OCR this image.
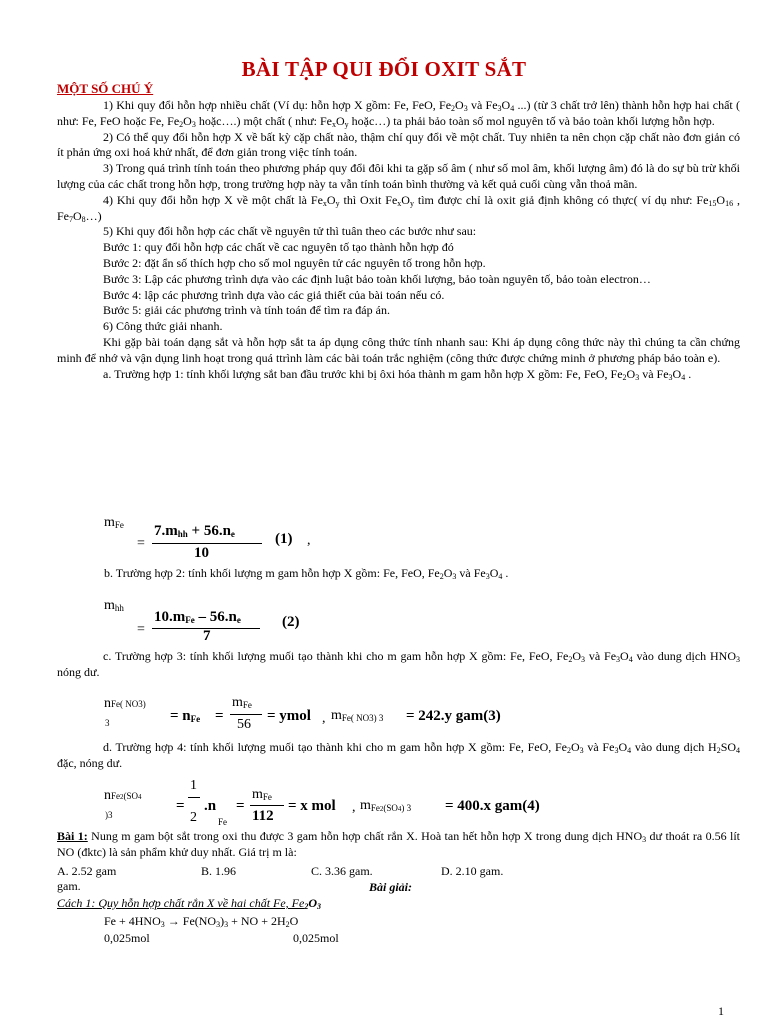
BÀI TẬP QUI ĐỔI OXIT SẮT
MỘT SỐ CHÚ Ý

1) Khi quy đổi hỗn hợp nhiều chất (Ví dụ: hỗn hợp X gồm: Fe, FeO, $Fe_2O_3$ và $Fe_3O_4$ ...) (từ 3 chất trở lên) thành hỗn hợp hai chất ( như: Fe, FeO hoặc Fe, $Fe_2O_3$ hoặc….) một chất ( như: $Fe_xO_y$ hoặc…) ta phải bảo toàn số mol nguyên tố và bảo toàn khối lượng hỗn hợp.

2) Có thể quy đổi hỗn hợp X về bất kỳ cặp chất nào, thậm chí quy đổi về một chất. Tuy nhiên ta nên chọn cặp chất nào đơn giản có ít phản ứng oxi hoá khử nhất, để đơn giản trong việc tính toán.

3) Trong quá trình tính toán theo phương pháp quy đổi đôi khi ta gặp số âm ( như số mol âm, khối lượng âm) đó là do sự bù trừ khối lượng của các chất trong hỗn hợp, trong trường hợp này ta vẫn tính toán bình thường và kết quả cuối cùng vẫn thoả mãn.

4) Khi quy đổi hỗn hợp X về một chất là $Fe_xO_y$ thì Oxit $Fe_xO_y$ tìm được chỉ là oxit giả định không có thực( ví dụ như: $Fe_{15}O_{16}$ , $Fe_7O_8\dots$)

5) Khi quy đổi hỗn hợp các chất về nguyên tử thì tuân theo các bước như sau:

Bước 1: quy đổi hỗn hợp các chất về cac nguyên tố tạo thành hỗn hợp đó

Bước 2: đặt ẩn số thích hợp cho số mol nguyên tử các nguyên tố trong hỗn hợp.

Bước 3: Lập các phương trình dựa vào các định luật bảo toàn khối lượng, bảo toàn nguyên tố, bảo toàn electron…

Bước 4: lập các phương trình dựa vào các giả thiết của bài toán nếu có.

Bước 5: giải các phương trình và tính toán để tìm ra đáp án.

6) Công thức giải nhanh.

Khi gặp bài toán dạng sắt và hỗn hợp sắt ta áp dụng công thức tính nhanh sau: Khi áp dụng công thức này thì chúng ta cần chứng minh để nhớ và vận dụng linh hoạt trong quá ttrình làm các bài toán trắc nghiệm (công thức được chứng minh ở phương pháp bảo toàn e).

a. Trường hợp 1: tính khối lượng sắt ban đầu trước khi bị ôxi hóa thành m gam hỗn hợp X gồm: Fe, FeO, $Fe_2O_3$ và $Fe_3O_4$ .

$m_{Fe}$
=
$7.m_{hh} + 56.n_e$
10
(1) ,
b. Trường hợp 2: tính khối lượng m gam hỗn hợp X gồm: Fe, FeO, $Fe_2O_3$ và $Fe_3O_4$ .
$m_{hh}$
=
$10.m_{Fe} - 56.n_e$
7
(2)

c. Trường hợp 3: tính khối lượng muối tạo thành khi cho m gam hỗn hợp X gồm: Fe, FeO, $Fe_2O_3$ và $Fe_3O_4$ vào dung dịch $HNO_3$ nóng dư.

nFe( NO3)
3	= $n_{Fe}$ =
$m_{Fe}$
56
= ymol , $m_{Fe( NO3) 3} = 242.y$ gam(3)

d. Trường hợp 4: tính khối lượng muối tạo thành khi cho m gam hỗn hợp X gồm: Fe, FeO, $Fe_2O_3$ và $Fe_3O_4$ vào dung dịch $H_2SO_4$ đặc, nóng dư.

nFe2(SO4
)3
=
1
2
.n
Fe
=
$m_{Fe}$
112
= x mol , $m_{Fe2(SO4) 3} = 400.x$ gam(4)

Bài 1: Nung m gam bột sắt trong oxi thu được 3 gam hỗn hợp chất rắn X. Hoà tan hết hỗn hợp X trong dung dịch $HNO_3$ dư thoát ra 0.56 lít NO (đktc) là sản phẩm khử duy nhất. Giá trị m là:

A. 2.52 gam	B. 1.96	C. 3.36 gam.	D. 2.10 gam.
gam.	Bài giải:
Cách 1: Quy hỗn hợp chất rắn X về hai chất Fe, $Fe_2O_3$
$Fe + 4HNO_3 \to Fe(NO_3)_3$ + NO + $2H_2O$
0,025mol	0,025mol
1
